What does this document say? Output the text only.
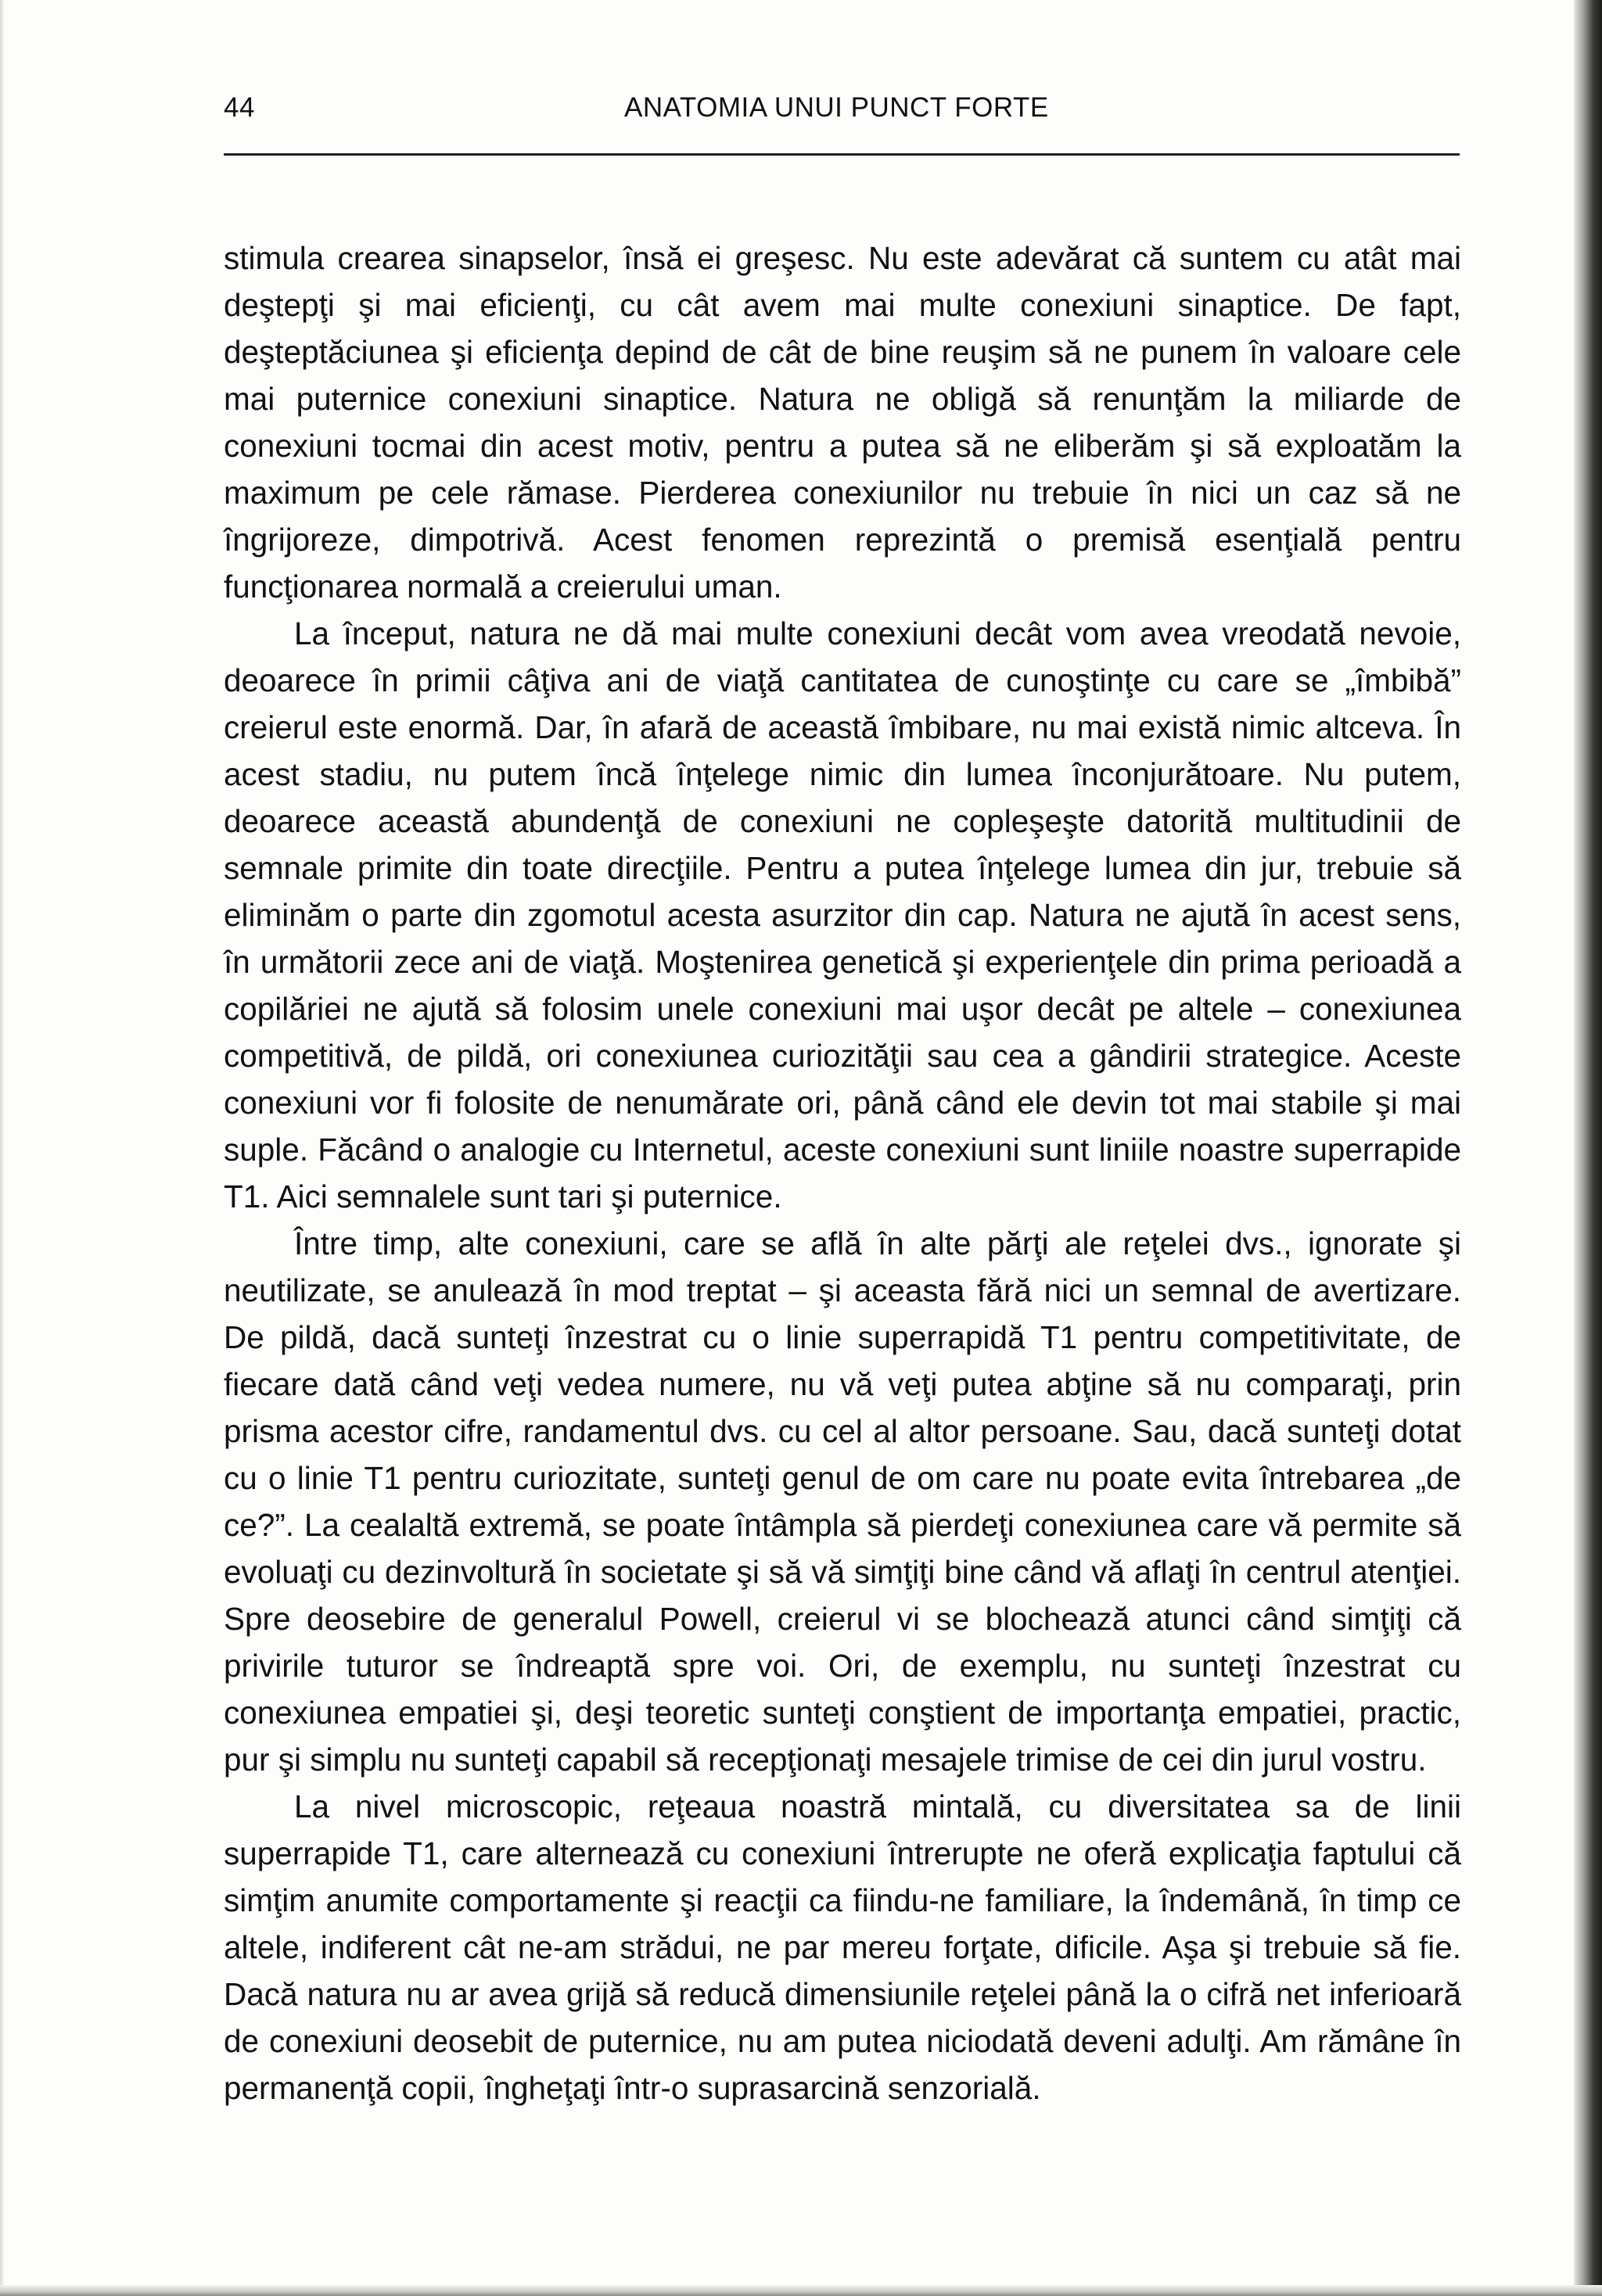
44	ANATOMIA UNUI PUNCT FORTE

stimula crearea sinapselor, însă ei greşesc. Nu este adevărat că suntem cu atât mai deştepţi şi mai eficienţi, cu cât avem mai multe conexiuni sinaptice. De fapt, deşteptăciunea şi eficienţa depind de cât de bine reuşim să ne punem în valoare cele mai puternice conexiuni sinaptice. Natura ne obligă să renunţăm la miliarde de conexiuni tocmai din acest motiv, pentru a putea să ne eliberăm şi să exploatăm la maximum pe cele rămase. Pierderea conexiunilor nu trebuie în nici un caz să ne îngrijoreze, dimpotrivă. Acest fenomen reprezintă o premisă esenţială pentru funcţionarea normală a creierului uman.

La început, natura ne dă mai multe conexiuni decât vom avea vreodată nevoie, deoarece în primii câţiva ani de viaţă cantitatea de cunoştinţe cu care se „îmbibă” creierul este enormă. Dar, în afară de această îmbibare, nu mai există nimic altceva. În acest stadiu, nu putem încă înţelege nimic din lumea înconjurătoare. Nu putem, deoarece această abundenţă de conexiuni ne copleşeşte datorită multitudinii de semnale primite din toate direcţiile. Pentru a putea înţelege lumea din jur, trebuie să eliminăm o parte din zgomotul acesta asurzitor din cap. Natura ne ajută în acest sens, în următorii zece ani de viaţă. Moştenirea genetică şi experienţele din prima perioadă a copilăriei ne ajută să folosim unele conexiuni mai uşor decât pe altele – conexiunea competitivă, de pildă, ori conexiunea curiozităţii sau cea a gândirii strategice. Aceste conexiuni vor fi folosite de nenumărate ori, până când ele devin tot mai stabile şi mai suple. Făcând o analogie cu Internetul, aceste conexiuni sunt liniile noastre superrapide T1. Aici semnalele sunt tari şi puternice.

Între timp, alte conexiuni, care se află în alte părţi ale reţelei dvs., ignorate şi neutilizate, se anulează în mod treptat – şi aceasta fără nici un semnal de avertizare. De pildă, dacă sunteţi înzestrat cu o linie superrapidă T1 pentru competitivitate, de fiecare dată când veţi vedea numere, nu vă veţi putea abţine să nu comparaţi, prin prisma acestor cifre, randamentul dvs. cu cel al altor persoane. Sau, dacă sunteţi dotat cu o linie T1 pentru curiozitate, sunteţi genul de om care nu poate evita întrebarea „de ce?”. La cealaltă extremă, se poate întâmpla să pierdeţi conexiunea care vă permite să evoluaţi cu dezinvoltură în societate şi să vă simţiţi bine când vă aflaţi în centrul atenţiei. Spre deosebire de generalul Powell, creierul vi se blochează atunci când simţiţi că privirile tuturor se îndreaptă spre voi. Ori, de exemplu, nu sunteţi înzestrat cu conexiunea empatiei şi, deşi teoretic sunteţi conştient de importanţa empatiei, practic, pur şi simplu nu sunteţi capabil să recepţionaţi mesajele trimise de cei din jurul vostru.

La nivel microscopic, reţeaua noastră mintală, cu diversitatea sa de linii superrapide T1, care alternează cu conexiuni întrerupte ne oferă explicaţia faptului că simţim anumite comportamente şi reacţii ca fiindu-ne familiare, la îndemână, în timp ce altele, indiferent cât ne-am strădui, ne par mereu forţate, dificile. Aşa şi trebuie să fie. Dacă natura nu ar avea grijă să reducă dimensiunile reţelei până la o cifră net inferioară de conexiuni deosebit de puternice, nu am putea niciodată deveni adulţi. Am rămâne în permanenţă copii, îngheţaţi într-o suprasarcină senzorială.
